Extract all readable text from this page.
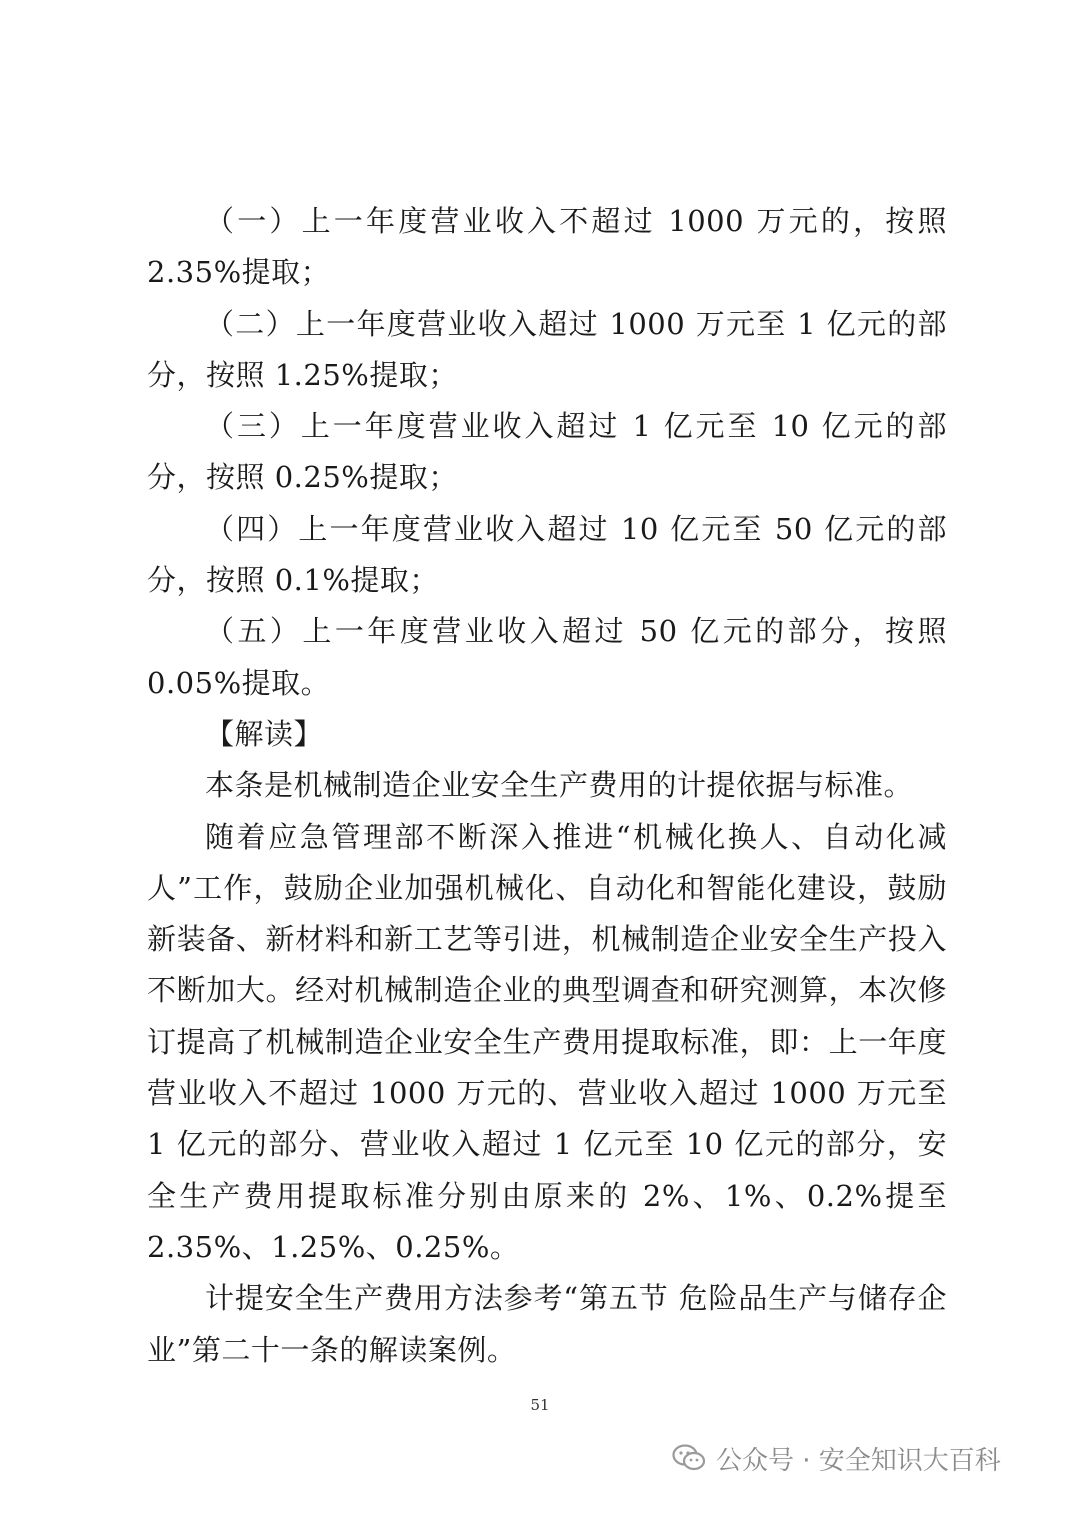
（一）上一年度营业收入不超过 1000 万元的，按照 2.35%提取；

（二）上一年度营业收入超过 1000 万元至 1 亿元的部分，按照 1.25%提取；

（三）上一年度营业收入超过 1 亿元至 10 亿元的部分，按照 0.25%提取；

（四）上一年度营业收入超过 10 亿元至 50 亿元的部分，按照 0.1%提取；

（五）上一年度营业收入超过 50 亿元的部分，按照 0.05%提取。

【解读】

本条是机械制造企业安全生产费用的计提依据与标准。

随着应急管理部不断深入推进“机械化换人、自动化减人”工作，鼓励企业加强机械化、自动化和智能化建设，鼓励新装备、新材料和新工艺等引进，机械制造企业安全生产投入不断加大。经对机械制造企业的典型调查和研究测算，本次修订提高了机械制造企业安全生产费用提取标准，即：上一年度营业收入不超过 1000 万元的、营业收入超过 1000 万元至 1 亿元的部分、营业收入超过 1 亿元至 10 亿元的部分，安全生产费用提取标准分别由原来的 2%、1%、0.2%提至 2.35%、1.25%、0.25%。

计提安全生产费用方法参考“第五节 危险品生产与储存企业”第二十一条的解读案例。

51
公众号 · 安全知识大百科
